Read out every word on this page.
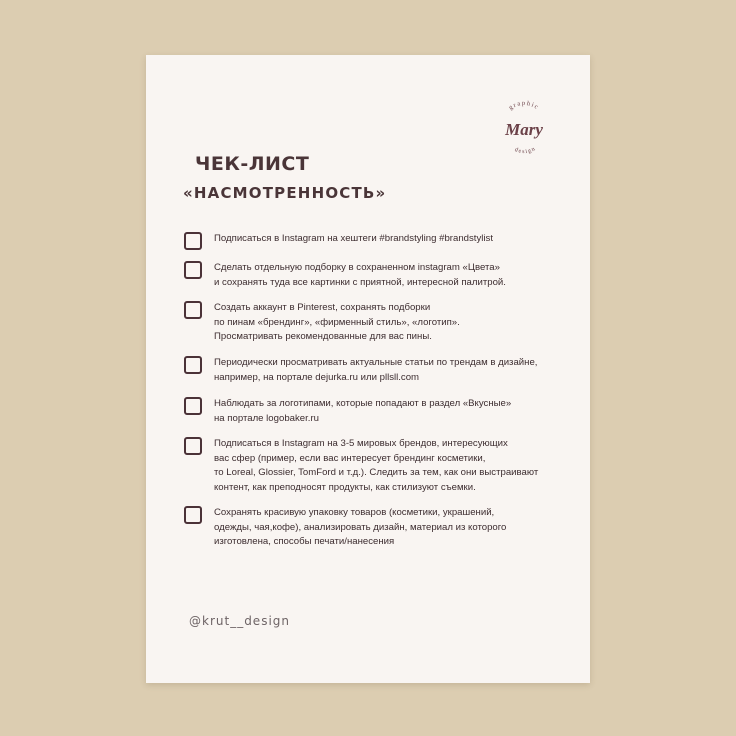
graphic
Mary
design
ЧЕК-ЛИСТ
«НАСМОТРЕННОСТЬ»
Подписаться в Instagram на хештеги #brandstyling #brandstylist
Сделать отдельную подборку в сохраненном instagram «Цвета»
и сохранять туда все картинки с приятной, интересной палитрой.
Создать аккаунт в Pinterest, сохранять подборки
по пинам «брендинг», «фирменный стиль», «логотип».
Просматривать рекомендованные для вас пины.
Периодически просматривать актуальные статьи по трендам в дизайне,
например, на портале dejurka.ru или pllsll.com
Наблюдать за логотипами, которые попадают в раздел «Вкусные»
на портале logobaker.ru
Подписаться в Instagram на 3-5 мировых брендов, интересующих
вас сфер (пример, если вас интересует брендинг косметики,
то Loreal, Glossier, TomFord и т.д.). Следить за тем, как они выстраивают
контент, как преподносят продукты, как стилизуют съемки.
Сохранять красивую упаковку товаров (косметики, украшений,
одежды, чая,кофе), анализировать дизайн, материал из которого
изготовлена, способы печати/нанесения

@krut__design
